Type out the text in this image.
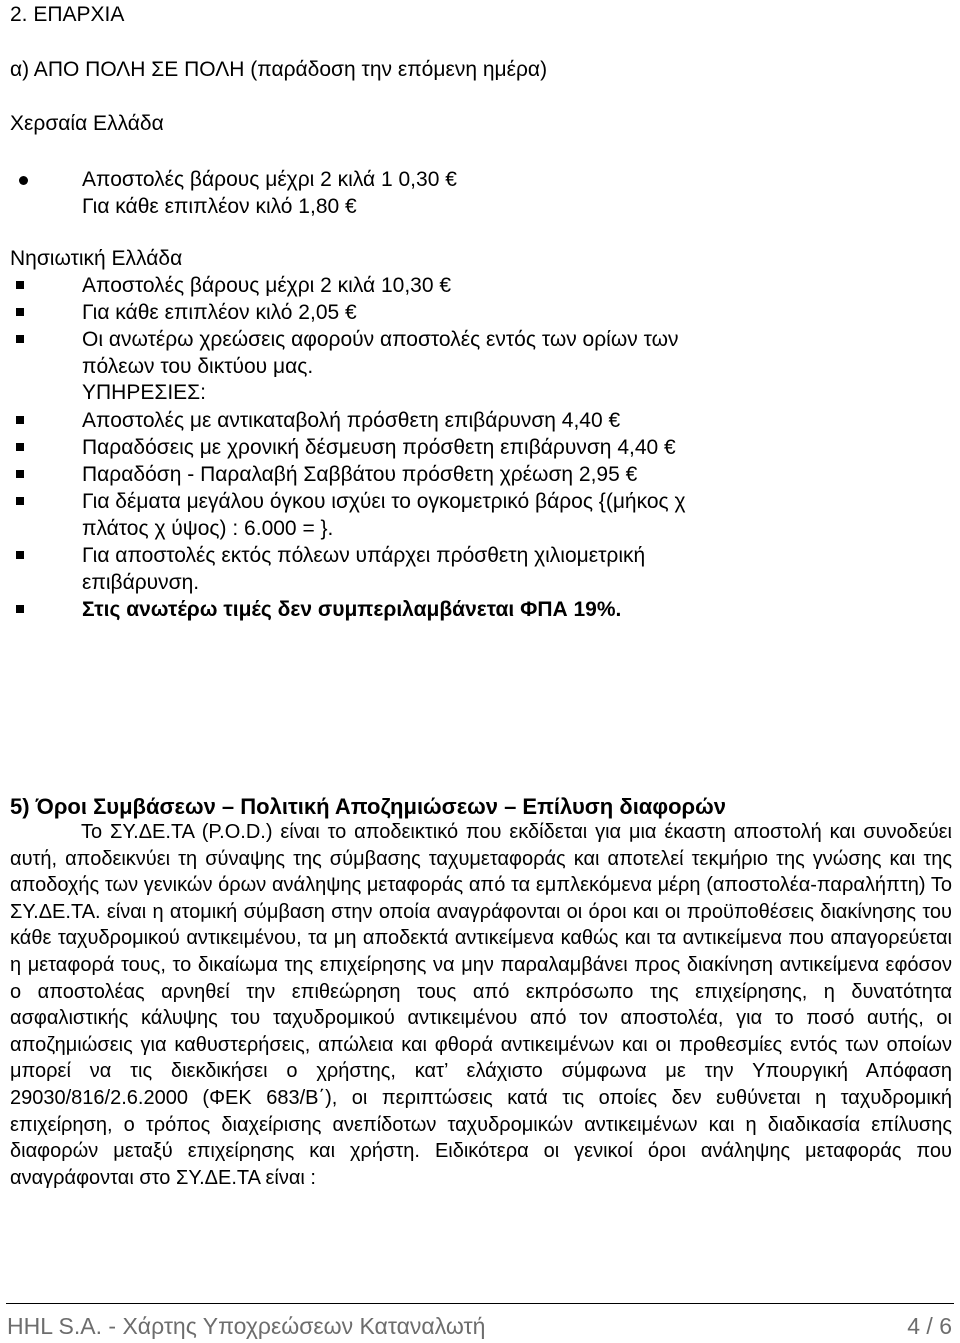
2. ΕΠΑΡΧΙΑ
α) ΑΠΟ ΠΟΛΗ ΣΕ ΠΟΛΗ (παράδοση την επόμενη ημέρα)
Χερσαία Ελλάδα
Αποστολές βάρους μέχρι 2 κιλά 1 0,30 €
Για κάθε επιπλέον κιλό 1,80 €
Νησιωτική Ελλάδα
Αποστολές βάρους μέχρι 2 κιλά 10,30 €
Για κάθε επιπλέον κιλό 2,05 €
Οι ανωτέρω χρεώσεις αφορούν αποστολές εντός των ορίων των
πόλεων του δικτύου μας.
ΥΠΗΡΕΣΙΕΣ:
Αποστολές με αντικαταβολή πρόσθετη επιβάρυνση 4,40 €
Παραδόσεις με χρονική δέσμευση πρόσθετη επιβάρυνση 4,40 €
Παραδόση - Παραλαβή Σαββάτου πρόσθετη χρέωση 2,95 €
Για δέματα μεγάλου όγκου ισχύει το ογκομετρικό βάρος {(μήκος χ
πλάτος χ ύψος) : 6.000 = }.
Για αποστολές εκτός πόλεων υπάρχει πρόσθετη χιλιομετρική
επιβάρυνση.
Στις ανωτέρω τιμές δεν συμπεριλαμβάνεται ΦΠΑ 19%.
5) Όροι Συμβάσεων – Πολιτική Αποζημιώσεων – Επίλυση διαφορών
Το ΣΥ.ΔΕ.ΤΑ (P.O.D.) είναι το αποδεικτικό που εκδίδεται για μια έκαστη αποστολή και συνοδεύει αυτή, αποδεικνύει τη σύναψης της σύμβασης ταχυμεταφοράς και αποτελεί τεκμήριο της γνώσης και της αποδοχής των γενικών όρων ανάληψης μεταφοράς από τα εμπλεκόμενα μέρη (αποστολέα-παραλήπτη) Το ΣΥ.ΔΕ.ΤΑ. είναι η ατομική σύμβαση στην οποία αναγράφονται οι όροι και οι προϋποθέσεις διακίνησης του κάθε ταχυδρομικού αντικειμένου, τα μη αποδεκτά αντικείμενα καθώς και τα αντικείμενα που απαγορεύεται η μεταφορά τους, το δικαίωμα της επιχείρησης να μην παραλαμβάνει προς διακίνηση αντικείμενα εφόσον ο αποστολέας αρνηθεί την επιθεώρηση τους από εκπρόσωπο της επιχείρησης, η δυνατότητα ασφαλιστικής κάλυψης του ταχυδρομικού αντικειμένου από τον αποστολέα, για το ποσό αυτής, οι αποζημιώσεις για καθυστερήσεις, απώλεια και φθορά αντικειμένων και οι προθεσμίες εντός των οποίων μπορεί να τις διεκδικήσει ο χρήστης, κατ’ ελάχιστο σύμφωνα με την Υπουργική Απόφαση 29030/816/2.6.2000 (ΦΕΚ 683/Β΄), οι περιπτώσεις κατά τις οποίες δεν ευθύνεται η ταχυδρομική επιχείρηση, ο τρόπος διαχείρισης ανεπίδοτων ταχυδρομικών αντικειμένων και η διαδικασία επίλυσης διαφορών μεταξύ επιχείρησης και χρήστη. Ειδικότερα οι γενικοί όροι ανάληψης μεταφοράς που αναγράφονται στο ΣΥ.ΔΕ.ΤΑ είναι :
HHL S.A. - Χάρτης Υποχρεώσεων Καταναλωτή	4 / 6
